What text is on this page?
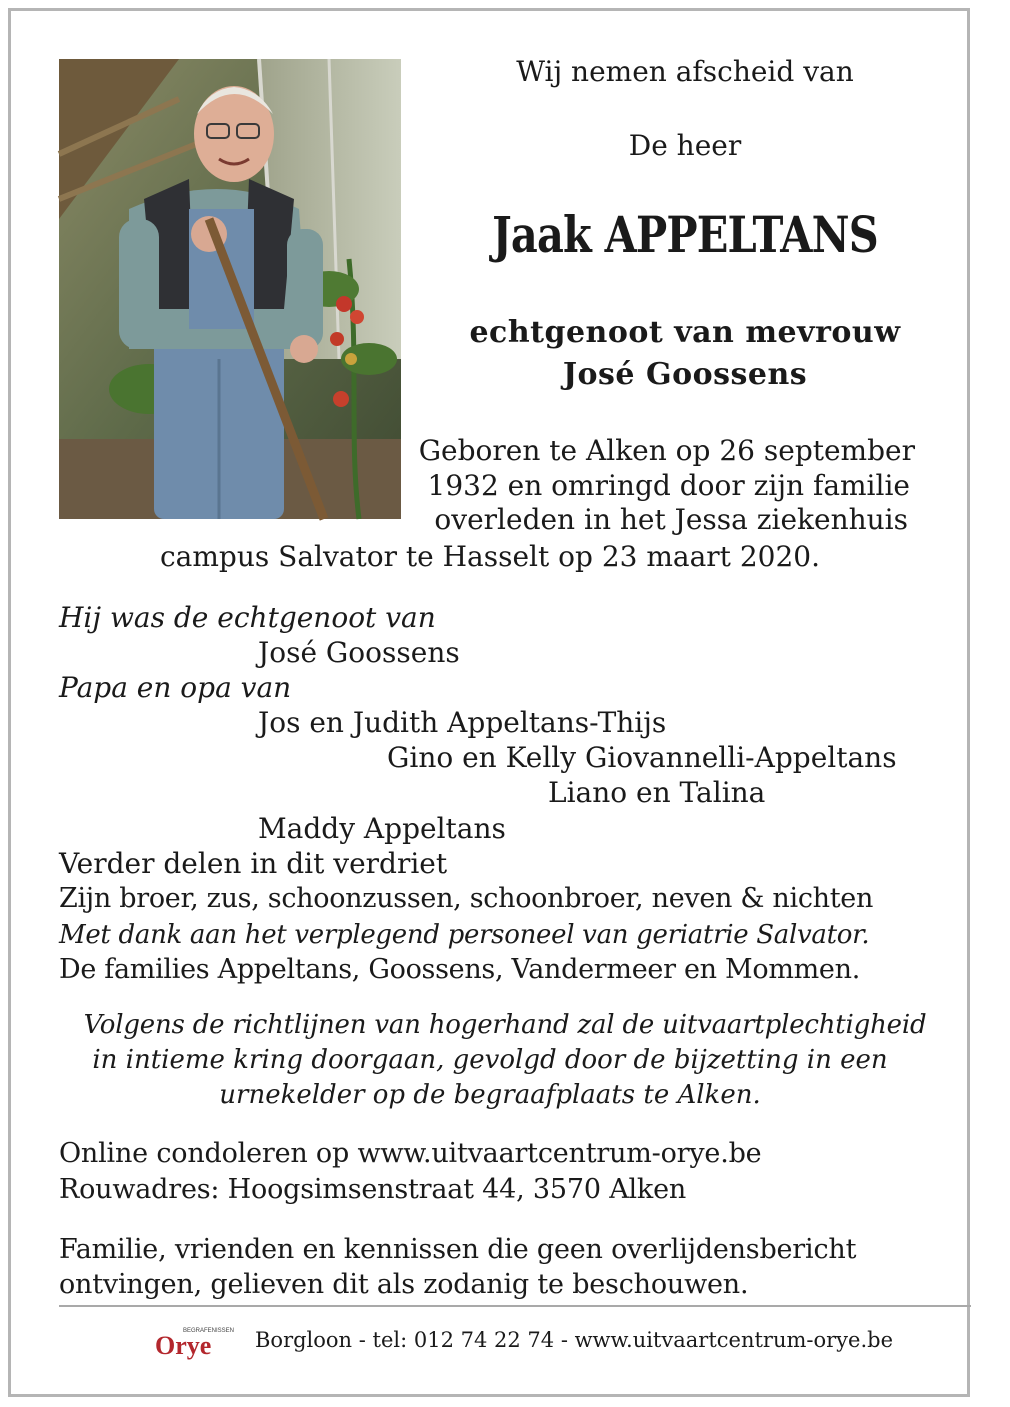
Wij nemen afscheid van

De heer

Jaak APPELTANS

echtgenoot van mevrouw

José Goossens

Geboren te Alken op 26 september

1932 en omringd door zijn familie

overleden in het Jessa ziekenhuis

campus Salvator te Hasselt op 23 maart 2020.

Hij was de echtgenoot van

José Goossens

Papa en opa van

Jos en Judith Appeltans-Thijs

Gino en Kelly Giovannelli-Appeltans

Liano en Talina

Maddy Appeltans

Verder delen in dit verdriet

Zijn broer, zus, schoonzussen, schoonbroer, neven & nichten

Met dank aan het verplegend personeel van geriatrie Salvator.

De families Appeltans, Goossens, Vandermeer en Mommen.

Volgens de richtlijnen van hogerhand zal de uitvaartplechtigheid

in intieme kring doorgaan, gevolgd door de bijzetting in een

urnekelder op de begraafplaats te Alken.

Online condoleren op www.uitvaartcentrum-orye.be

Rouwadres: Hoogsimsenstraat 44, 3570 Alken

Familie, vrienden en kennissen die geen overlijdensbericht

ontvingen, gelieven dit als zodanig te beschouwen.

BEGRAFENISSEN
Orye Borgloon - tel: 012 74 22 74 - www.uitvaartcentrum-orye.be
